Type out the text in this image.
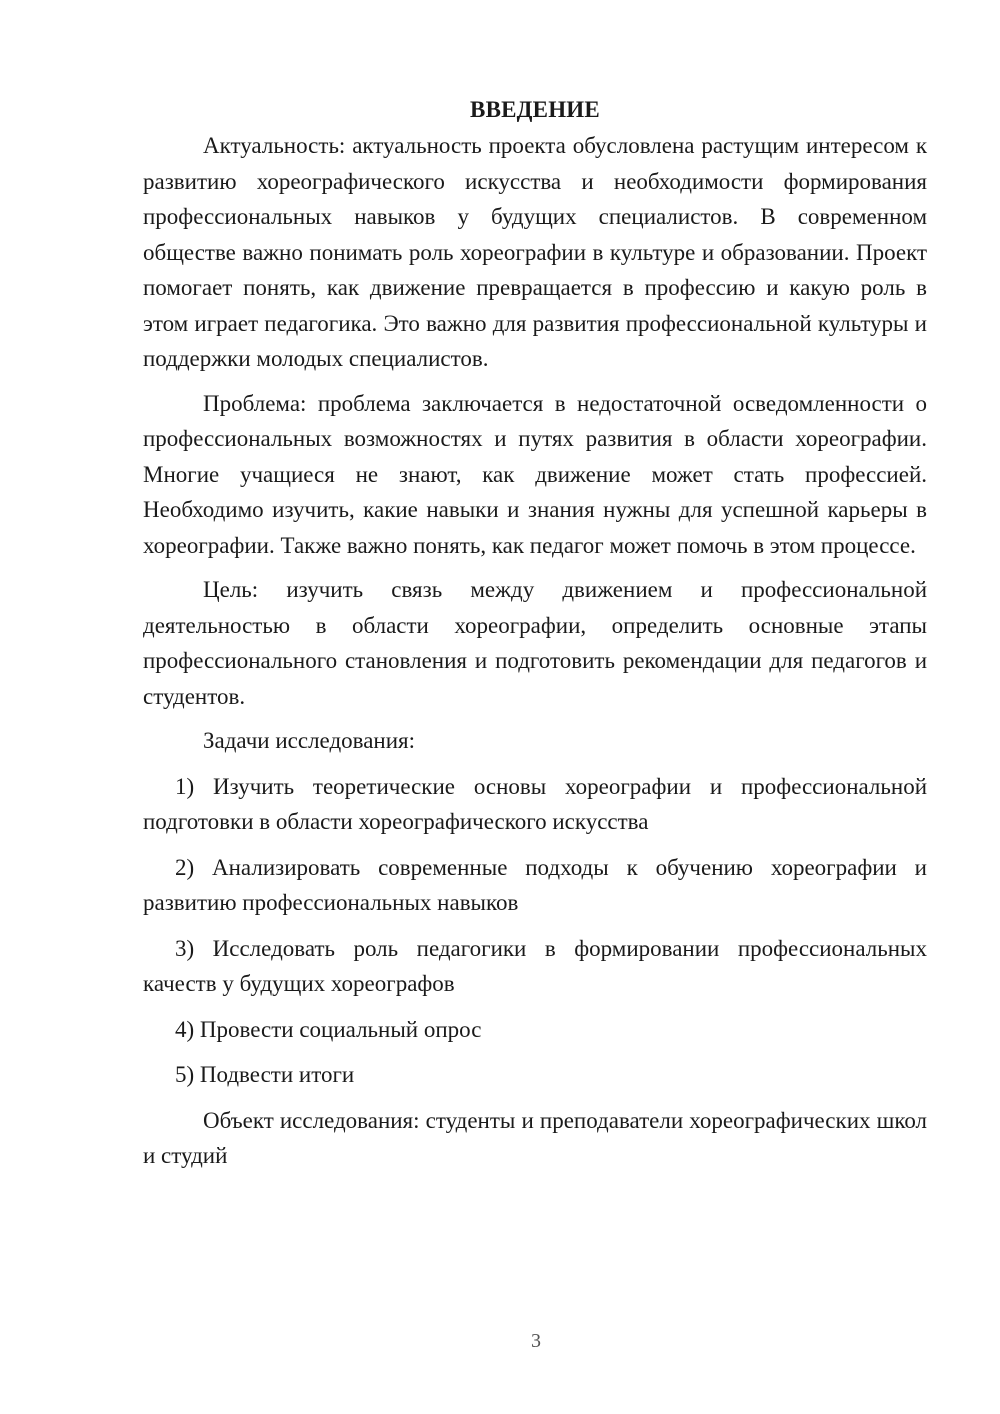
ВВЕДЕНИЕ

Актуальность: актуальность проекта обусловлена растущим интересом к развитию хореографического искусства и необходимости формирования профессиональных навыков у будущих специалистов. В современном обществе важно понимать роль хореографии в культуре и образовании. Проект помогает понять, как движение превращается в профессию и какую роль в этом играет педагогика. Это важно для развития профессиональной культуры и поддержки молодых специалистов.

Проблема: проблема заключается в недостаточной осведомленности о профессиональных возможностях и путях развития в области хореографии. Многие учащиеся не знают, как движение может стать профессией. Необходимо изучить, какие навыки и знания нужны для успешной карьеры в хореографии. Также важно понять, как педагог может помочь в этом процессе.

Цель: изучить связь между движением и профессиональной деятельностью в области хореографии, определить основные этапы профессионального становления и подготовить рекомендации для педагогов и студентов.

Задачи исследования:

1) Изучить теоретические основы хореографии и профессиональной подготовки в области хореографического искусства

2) Анализировать современные подходы к обучению хореографии и развитию профессиональных навыков

3) Исследовать роль педагогики в формировании профессиональных качеств у будущих хореографов

4) Провести социальный опрос

5) Подвести итоги

Объект исследования: студенты и преподаватели хореографических школ и студий

3
